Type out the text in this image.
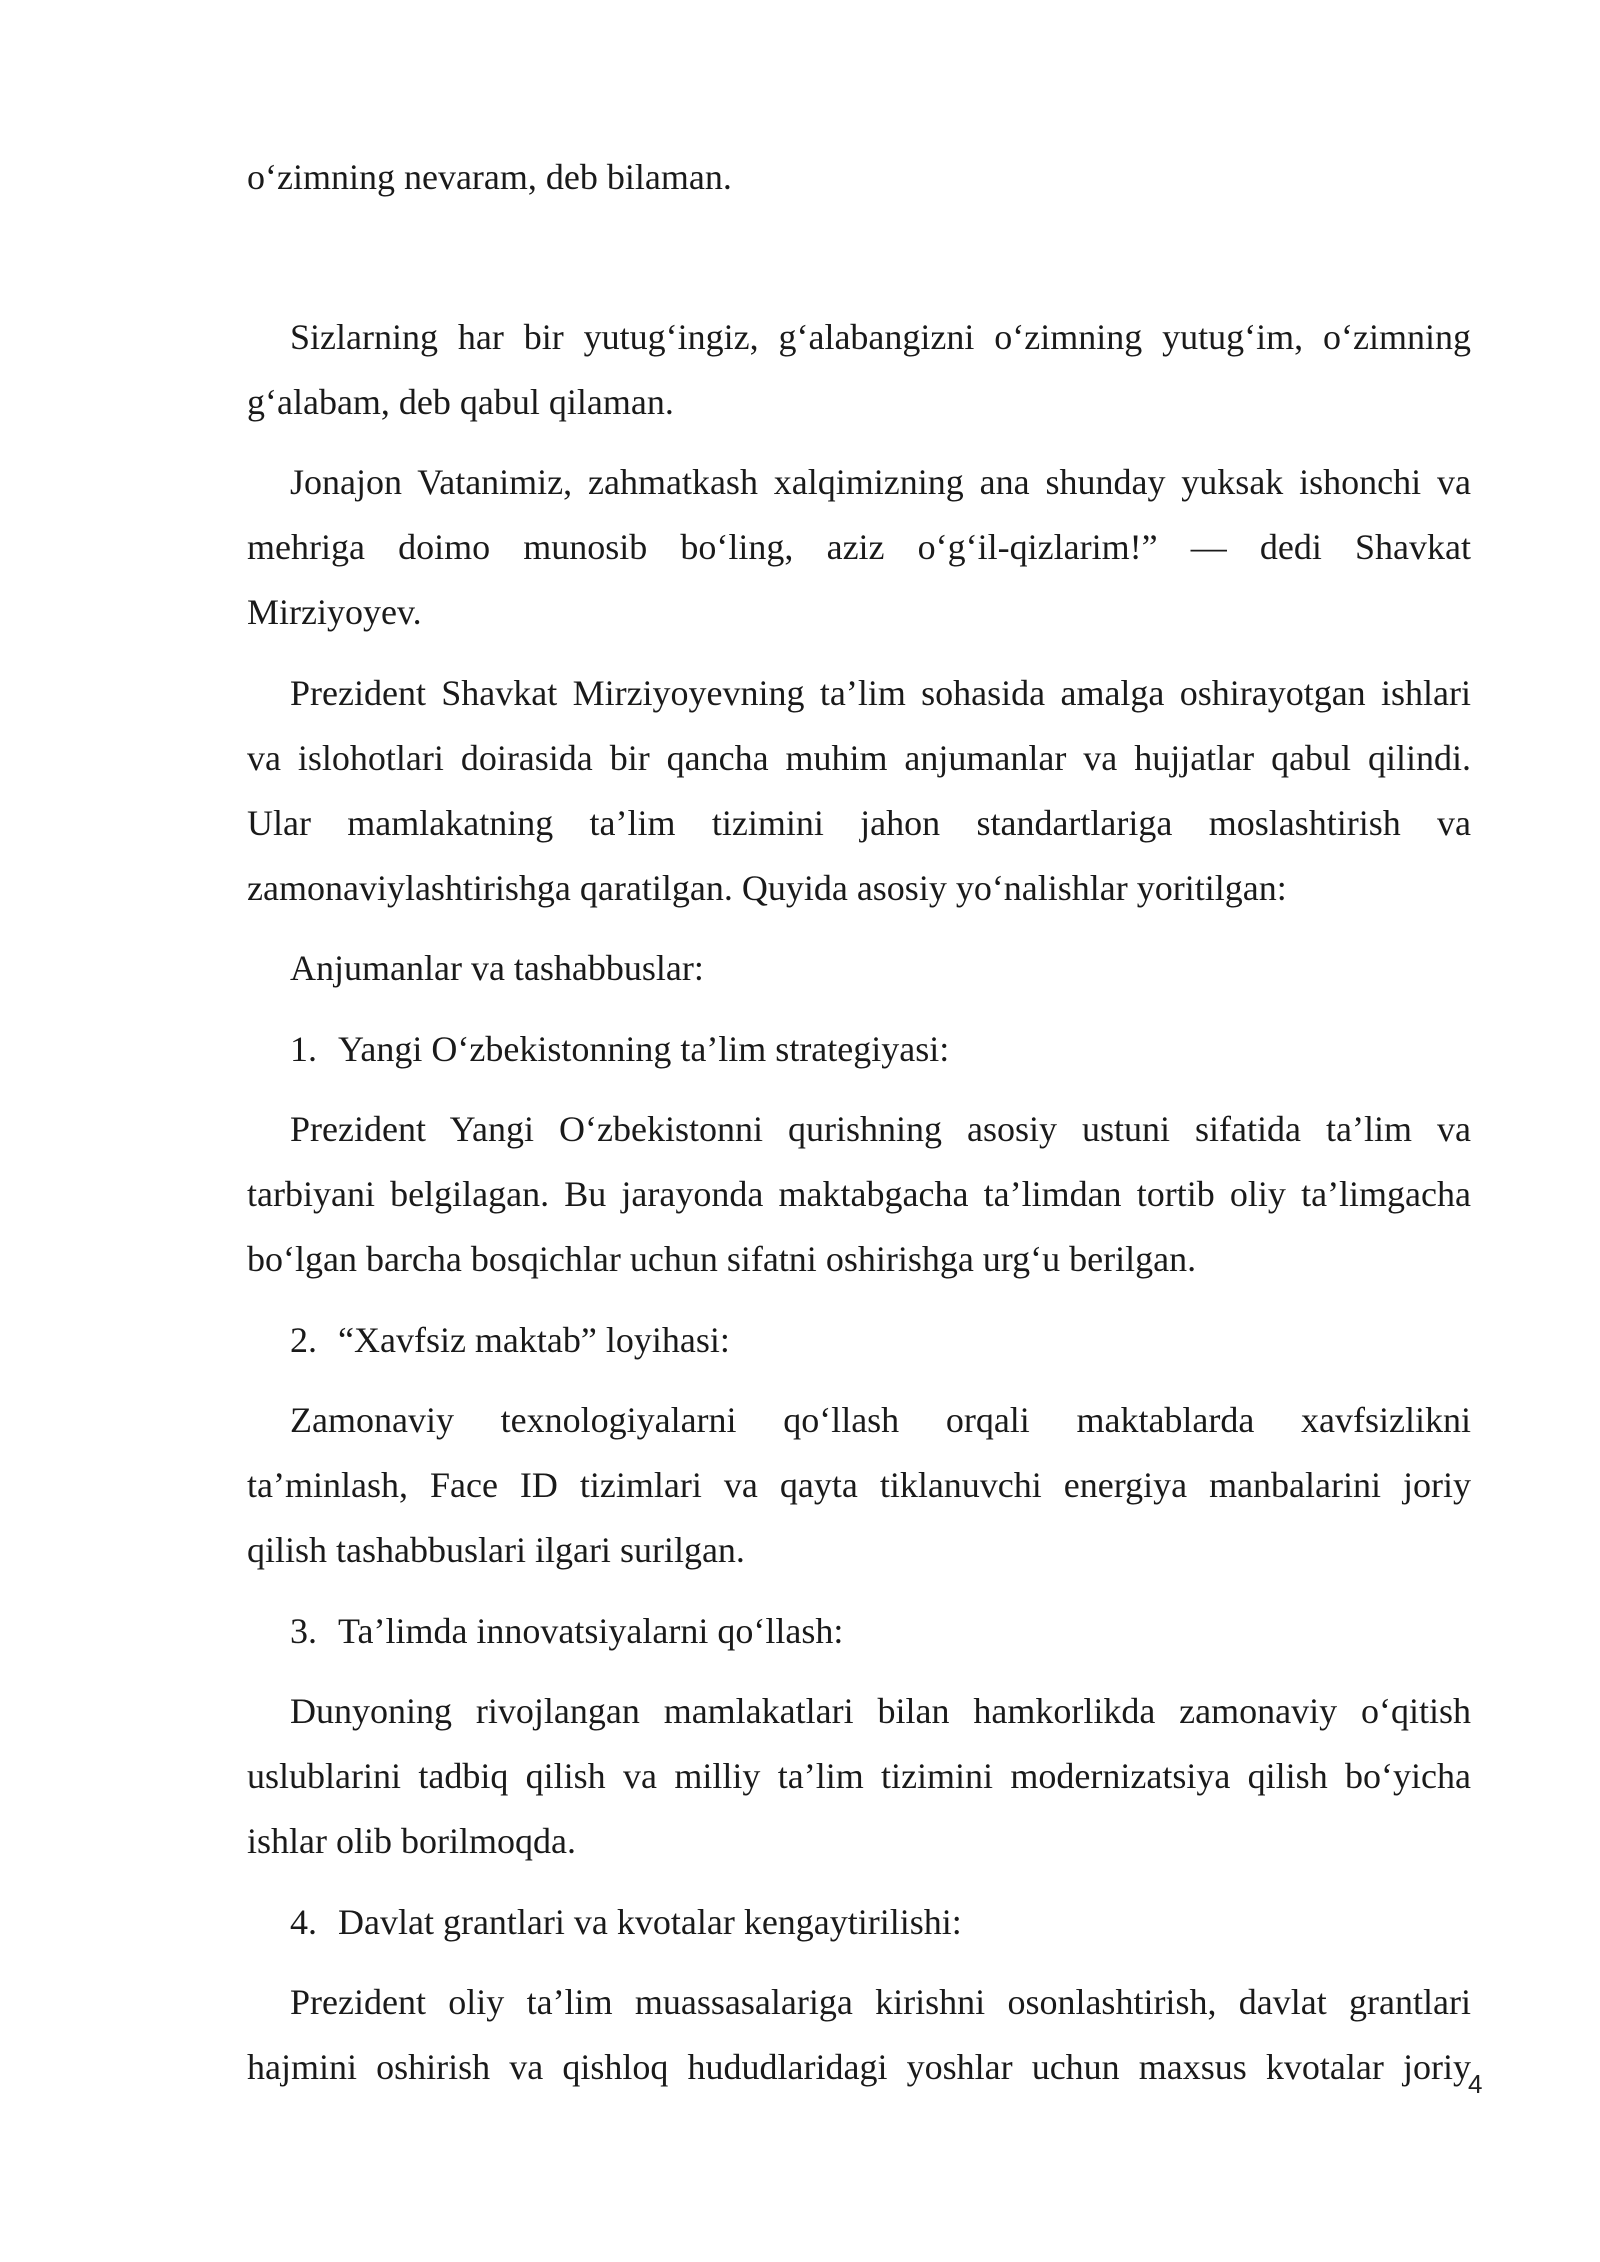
o‘zimning nevaram, deb bilaman.

Sizlarning har bir yutug‘ingiz, g‘alabangizni o‘zimning yutug‘im, o‘zimning

g‘alabam, deb qabul qilaman.

Jonajon Vatanimiz, zahmatkash xalqimizning ana shunday yuksak ishonchi va

mehriga doimo munosib bo‘ling, aziz o‘g‘il-qizlarim!” — dedi Shavkat

Mirziyoyev.

Prezident Shavkat Mirziyoyevning ta’lim sohasida amalga oshirayotgan ishlari

va islohotlari doirasida bir qancha muhim anjumanlar va hujjatlar qabul qilindi.

Ular mamlakatning ta’lim tizimini jahon standartlariga moslashtirish va

zamonaviylashtirishga qaratilgan. Quyida asosiy yo‘nalishlar yoritilgan:

Anjumanlar va tashabbuslar:

1. Yangi O‘zbekistonning ta’lim strategiyasi:

Prezident Yangi O‘zbekistonni qurishning asosiy ustuni sifatida ta’lim va

tarbiyani belgilagan. Bu jarayonda maktabgacha ta’limdan tortib oliy ta’limgacha

bo‘lgan barcha bosqichlar uchun sifatni oshirishga urg‘u berilgan.

2. “Xavfsiz maktab” loyihasi:

Zamonaviy texnologiyalarni qo‘llash orqali maktablarda xavfsizlikni

ta’minlash, Face ID tizimlari va qayta tiklanuvchi energiya manbalarini joriy

qilish tashabbuslari ilgari surilgan.

3. Ta’limda innovatsiyalarni qo‘llash:

Dunyoning rivojlangan mamlakatlari bilan hamkorlikda zamonaviy o‘qitish

uslublarini tadbiq qilish va milliy ta’lim tizimini modernizatsiya qilish bo‘yicha

ishlar olib borilmoqda.

4. Davlat grantlari va kvotalar kengaytirilishi:

Prezident oliy ta’lim muassasalariga kirishni osonlashtirish, davlat grantlari

hajmini oshirish va qishloq hududlaridagi yoshlar uchun maxsus kvotalar joriy

4
